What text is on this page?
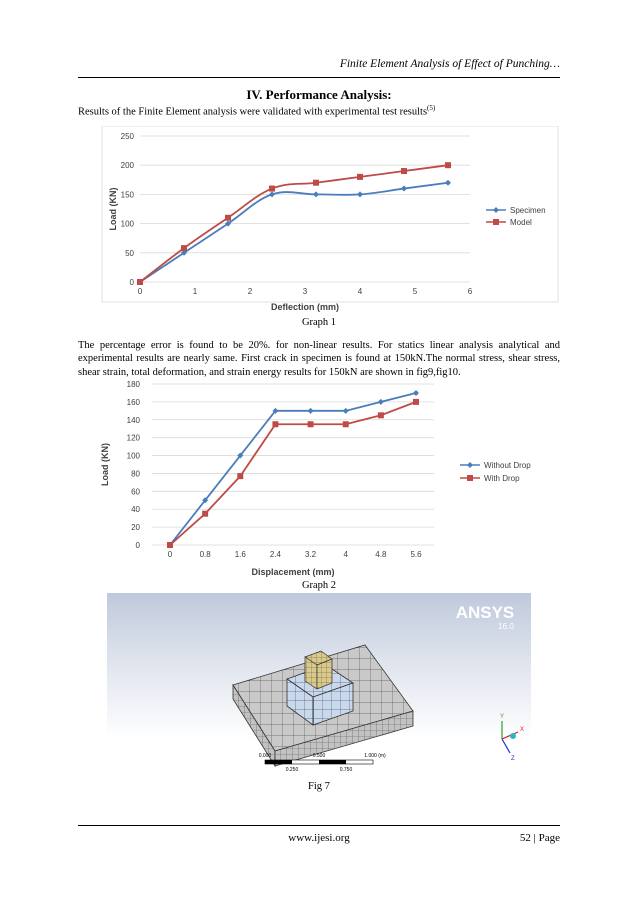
Finite Element Analysis of Effect of Punching…
IV. Performance Analysis:
Results of the Finite Element analysis were validated with experimental test results$^{(5)}$
0
50
100
150
200
250
0	1	2	3	4	5	6
Deflection (mm)
Load (KN)	Specimen
Model
Graph 1
The percentage error is found to be 20%. for non-linear results. For statics linear analysis analytical and experimental results are nearly same. First crack in specimen is found at 150kN.The normal stress, shear stress, shear strain, total deformation, and strain energy results for 150kN are shown in fig9,fig10.
0
20
40
60
80
100
120
140
160
180
0	0.8	1.6	2.4	3.2	4	4.8	5.6
Displacement (mm)
Load (KN)	Without Drop
With Drop
Graph 2
ANSYS
16.0
Y
X
Z
0.000	0.500	1.000 (m)
0.250	0.750
Fig 7
www.ijesi.org	52 | Page
